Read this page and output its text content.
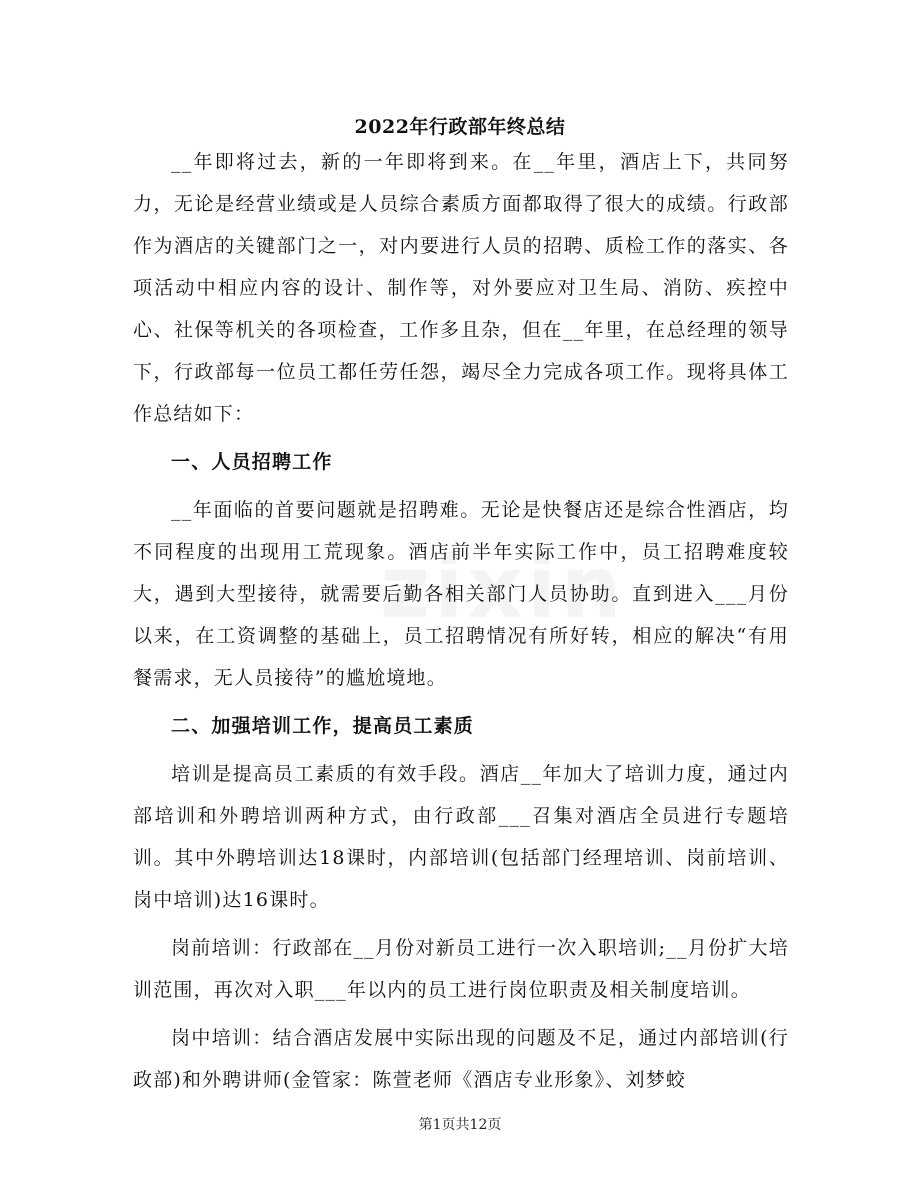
2022年行政部年终总结

__年即将过去，新的一年即将到来。在__年里，酒店上下，共同努力，无论是经营业绩或是人员综合素质方面都取得了很大的成绩。行政部作为酒店的关键部门之一，对内要进行人员的招聘、质检工作的落实、各项活动中相应内容的设计、制作等，对外要应对卫生局、消防、疾控中心、社保等机关的各项检查，工作多且杂，但在__年里，在总经理的领导下，行政部每一位员工都任劳任怨，竭尽全力完成各项工作。现将具体工作总结如下：

一、人员招聘工作

__年面临的首要问题就是招聘难。无论是快餐店还是综合性酒店，均不同程度的出现用工荒现象。酒店前半年实际工作中，员工招聘难度较大，遇到大型接待，就需要后勤各相关部门人员协助。直到进入___月份以来，在工资调整的基础上，员工招聘情况有所好转，相应的解决“有用餐需求，无人员接待”的尴尬境地。

二、加强培训工作，提高员工素质

培训是提高员工素质的有效手段。酒店__年加大了培训力度，通过内部培训和外聘培训两种方式，由行政部___召集对酒店全员进行专题培训。其中外聘培训达18课时，内部培训(包括部门经理培训、岗前培训、岗中培训)达16课时。

岗前培训：行政部在__月份对新员工进行一次入职培训;__月份扩大培训范围，再次对入职___年以内的员工进行岗位职责及相关制度培训。

岗中培训：结合酒店发展中实际出现的问题及不足，通过内部培训(行政部)和外聘讲师(金管家：陈萱老师《酒店专业形象》、刘梦蛟

第1页共12页
